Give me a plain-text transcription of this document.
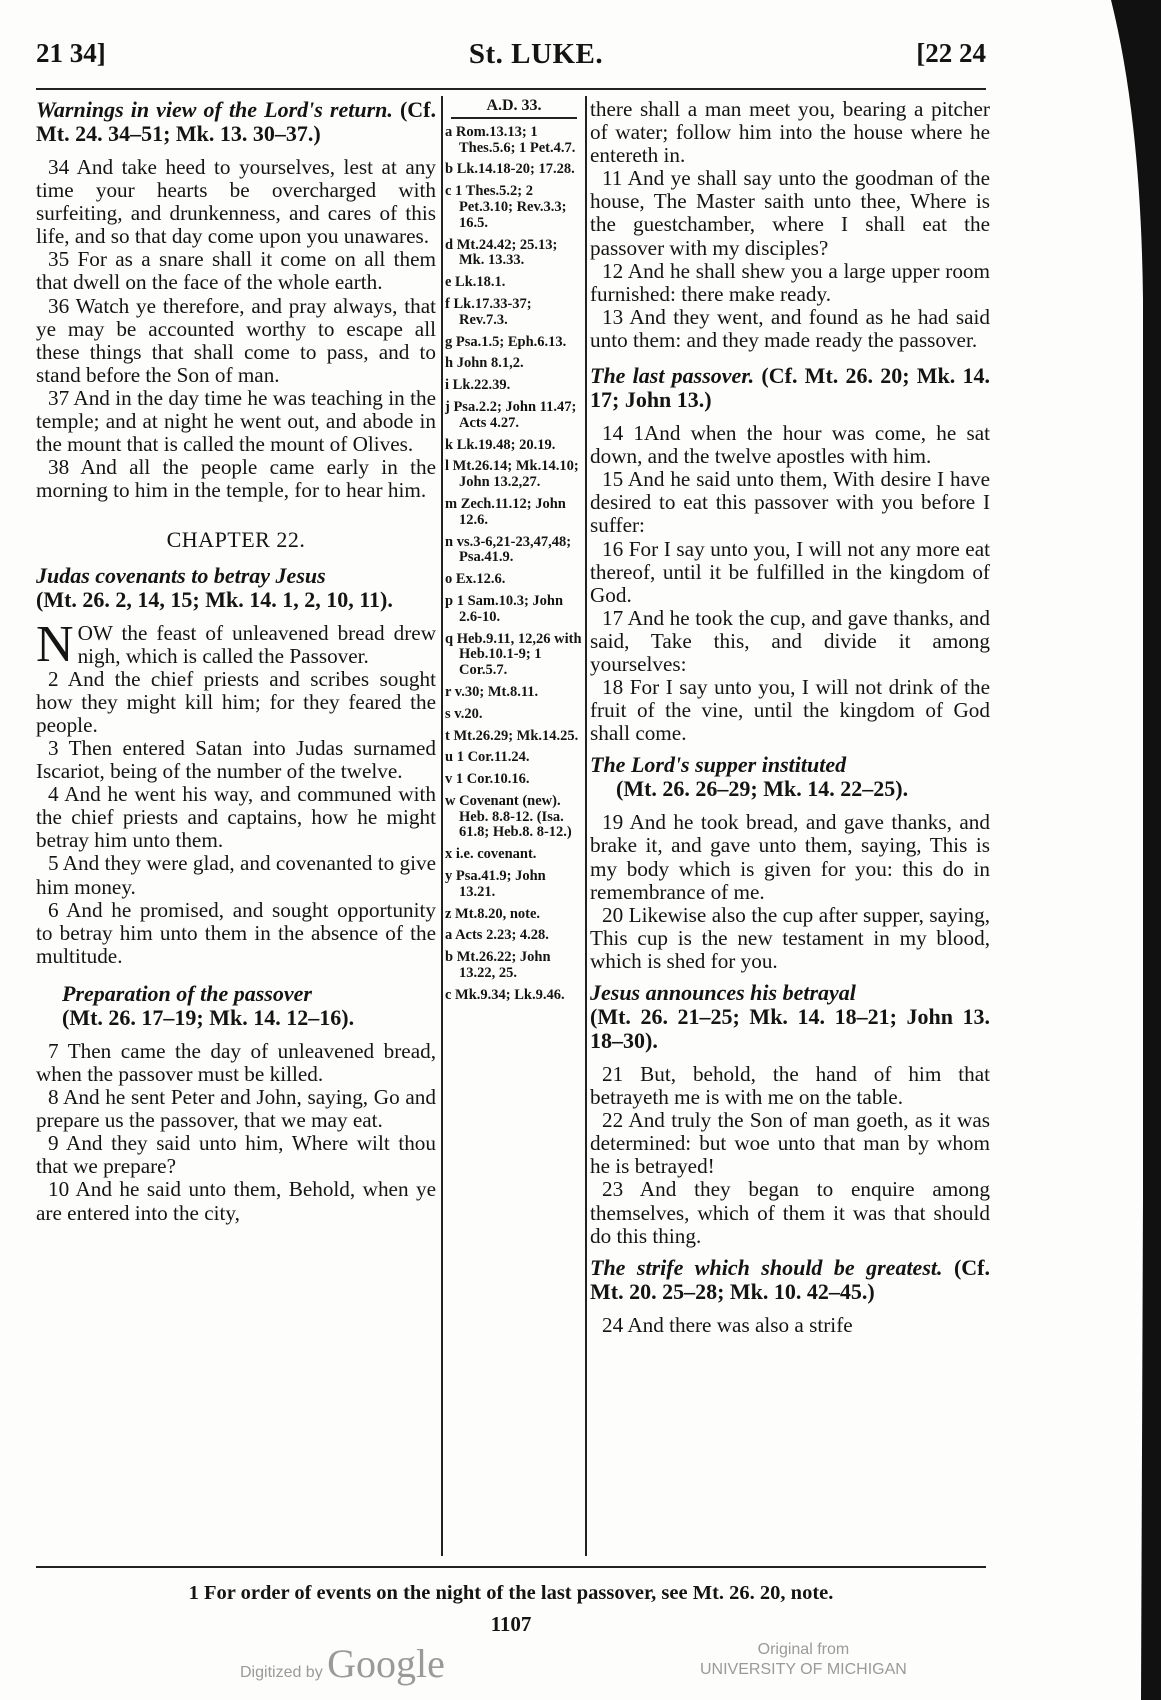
21 34]	St. LUKE.	[22 24
Warnings in view of the Lord's return. (Cf. Mt. 24. 34–51; Mk. 13. 30–37.)

34 And take heed to yourselves, lest at any time your hearts be overcharged with surfeiting, and drunkenness, and cares of this life, and so that day come upon you unawares.

35 For as a snare shall it come on all them that dwell on the face of the whole earth.

36 Watch ye therefore, and pray always, that ye may be accounted worthy to escape all these things that shall come to pass, and to stand before the Son of man.

37 And in the day time he was teaching in the temple; and at night he went out, and abode in the mount that is called the mount of Olives.

38 And all the people came early in the morning to him in the temple, for to hear him.

CHAPTER 22.
Judas covenants to betray Jesus
(Mt. 26. 2, 14, 15; Mk. 14. 1, 2, 10, 11).

N OW the feast of unleavened bread drew nigh, which is called the Passover.

2 And the chief priests and scribes sought how they might kill him; for they feared the people.

3 Then entered Satan into Judas surnamed Iscariot, being of the number of the twelve.

4 And he went his way, and communed with the chief priests and captains, how he might betray him unto them.

5 And they were glad, and covenanted to give him money.

6 And he promised, and sought opportunity to betray him unto them in the absence of the multitude.

Preparation of the passover
(Mt. 26. 17–19; Mk. 14. 12–16).

7 Then came the day of unleavened bread, when the passover must be killed.

8 And he sent Peter and John, saying, Go and prepare us the passover, that we may eat.

9 And they said unto him, Where wilt thou that we prepare?

10 And he said unto them, Behold, when ye are entered into the city,

A.D. 33.
a Rom.13.13; 1 Thes.5.6; 1 Pet.4.7.
b Lk.14.18-20; 17.28.
c 1 Thes.5.2; 2 Pet.3.10; Rev.3.3; 16.5.
d Mt.24.42; 25.13; Mk. 13.33.
e Lk.18.1.
f Lk.17.33-37; Rev.7.3.
g Psa.1.5; Eph.6.13.
h John 8.1,2.
i Lk.22.39.
j Psa.2.2; John 11.47; Acts 4.27.
k Lk.19.48; 20.19.
l Mt.26.14; Mk.14.10; John 13.2,27.
m Zech.11.12; John 12.6.
n vs.3-6,21-23,47,48; Psa.41.9.
o Ex.12.6.
p 1 Sam.10.3; John 2.6-10.
q Heb.9.11, 12,26 with Heb.10.1-9; 1 Cor.5.7.
r v.30; Mt.8.11.
s v.20.
t Mt.26.29; Mk.14.25.
u 1 Cor.11.24.
v 1 Cor.10.16.
w Covenant (new). Heb. 8.8-12. (Isa. 61.8; Heb.8. 8-12.)
x i.e. covenant.
y Psa.41.9; John 13.21.
z Mt.8.20, note.
a Acts 2.23; 4.28.
b Mt.26.22; John 13.22, 25.
c Mk.9.34; Lk.9.46.

there shall a man meet you, bearing a pitcher of water; follow him into the house where he entereth in.

11 And ye shall say unto the goodman of the house, The Master saith unto thee, Where is the guestchamber, where I shall eat the passover with my disciples?

12 And he shall shew you a large upper room furnished: there make ready.

13 And they went, and found as he had said unto them: and they made ready the passover.

The last passover. (Cf. Mt. 26. 20; Mk. 14. 17; John 13.)

14 1And when the hour was come, he sat down, and the twelve apostles with him.

15 And he said unto them, With desire I have desired to eat this passover with you before I suffer:

16 For I say unto you, I will not any more eat thereof, until it be fulfilled in the kingdom of God.

17 And he took the cup, and gave thanks, and said, Take this, and divide it among yourselves:

18 For I say unto you, I will not drink of the fruit of the vine, until the kingdom of God shall come.

The Lord's supper instituted
(Mt. 26. 26–29; Mk. 14. 22–25).

19 And he took bread, and gave thanks, and brake it, and gave unto them, saying, This is my body which is given for you: this do in remembrance of me.

20 Likewise also the cup after supper, saying, This cup is the new testament in my blood, which is shed for you.

Jesus announces his betrayal
(Mt. 26. 21–25; Mk. 14. 18–21; John 13. 18–30).

21 But, behold, the hand of him that betrayeth me is with me on the table.

22 And truly the Son of man goeth, as it was determined: but woe unto that man by whom he is betrayed!

23 And they began to enquire among themselves, which of them it was that should do this thing.

The strife which should be greatest. (Cf. Mt. 20. 25–28; Mk. 10. 42–45.)

24 And there was also a strife

1 For order of events on the night of the last passover, see Mt. 26. 20, note.
1107
Digitized by Google	Original from
UNIVERSITY OF MICHIGAN
